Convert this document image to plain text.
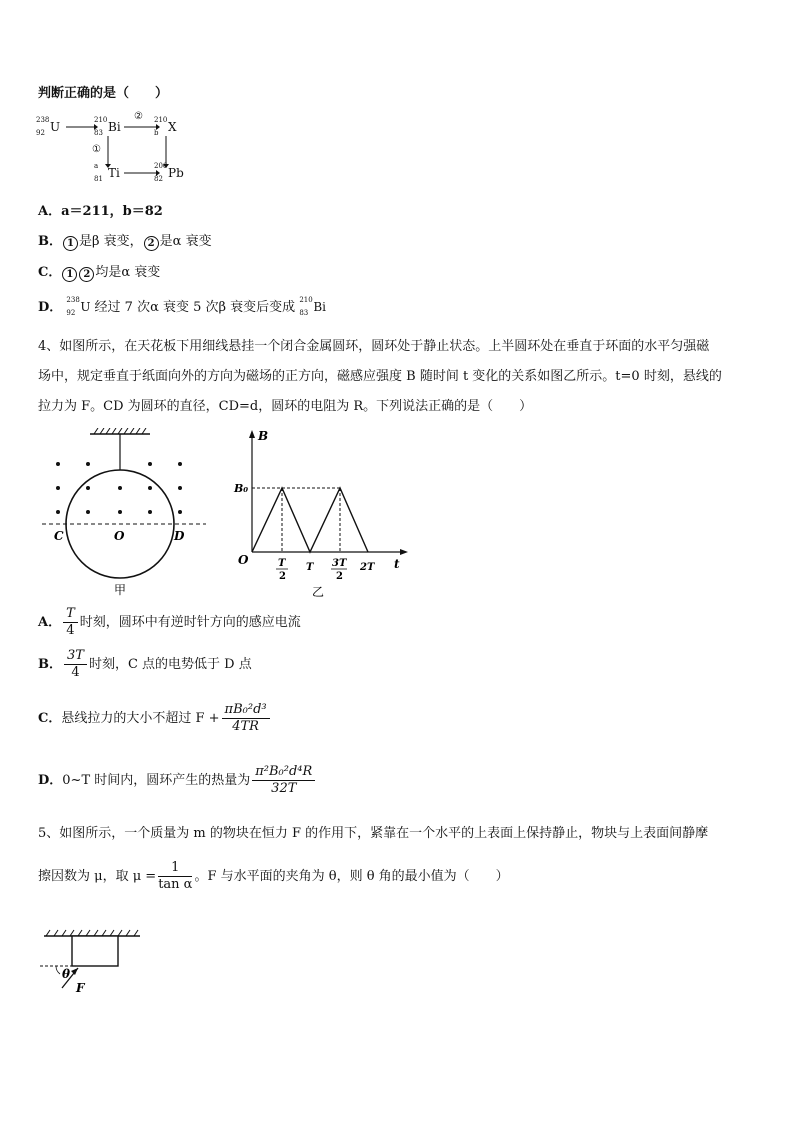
判断正确的是（　　）
238
92 U	210
83 Bi
② 210
b X
①
a
81 Ti	206
82 Pb
A．a＝211，b＝82
B． 1 是β 衰变， 2 是α 衰变
C． 1 2 均是α 衰变
D． 238
92 U 经过 7 次α 衰变 5 次β 衰变后变成 210
83 Bi
4、如图所示，在天花板下用细线悬挂一个闭合金属圆环，圆环处于静止状态。上半圆环处在垂直于环面的水平匀强磁
场中，规定垂直于纸面向外的方向为磁场的正方向，磁感应强度 B 随时间 t 变化的关系如图乙所示。t=0 时刻，悬线的
拉力为 F。CD 为圆环的直径，CD=d，圆环的电阻为 R。下列说法正确的是（　　）
C	O	D
甲
B
B₀
O	t
T
2
T 3T
2
2T
乙
A． $\frac{T}{4}$ 时刻，圆环中有逆时针方向的感应电流
B． $\frac{3T}{4}$ 时刻，C 点的电势低于 D 点
C．悬线拉力的大小不超过 $F + \frac{\text{πB₀²d³}}{4TR}$
D．0~T 时间内，圆环产生的热量为 $\frac{\text{π²B₀²d⁴R}}{32T}$
5、如图所示，一个质量为 m 的物块在恒力 F 的作用下，紧靠在一个水平的上表面上保持静止，物块与上表面间静摩
擦因数为 μ，取 $\mu = \frac{1}{\text{tan α}}$ 。F 与水平面的夹角为 θ，则 θ 角的最小值为（　　）
θ
F
